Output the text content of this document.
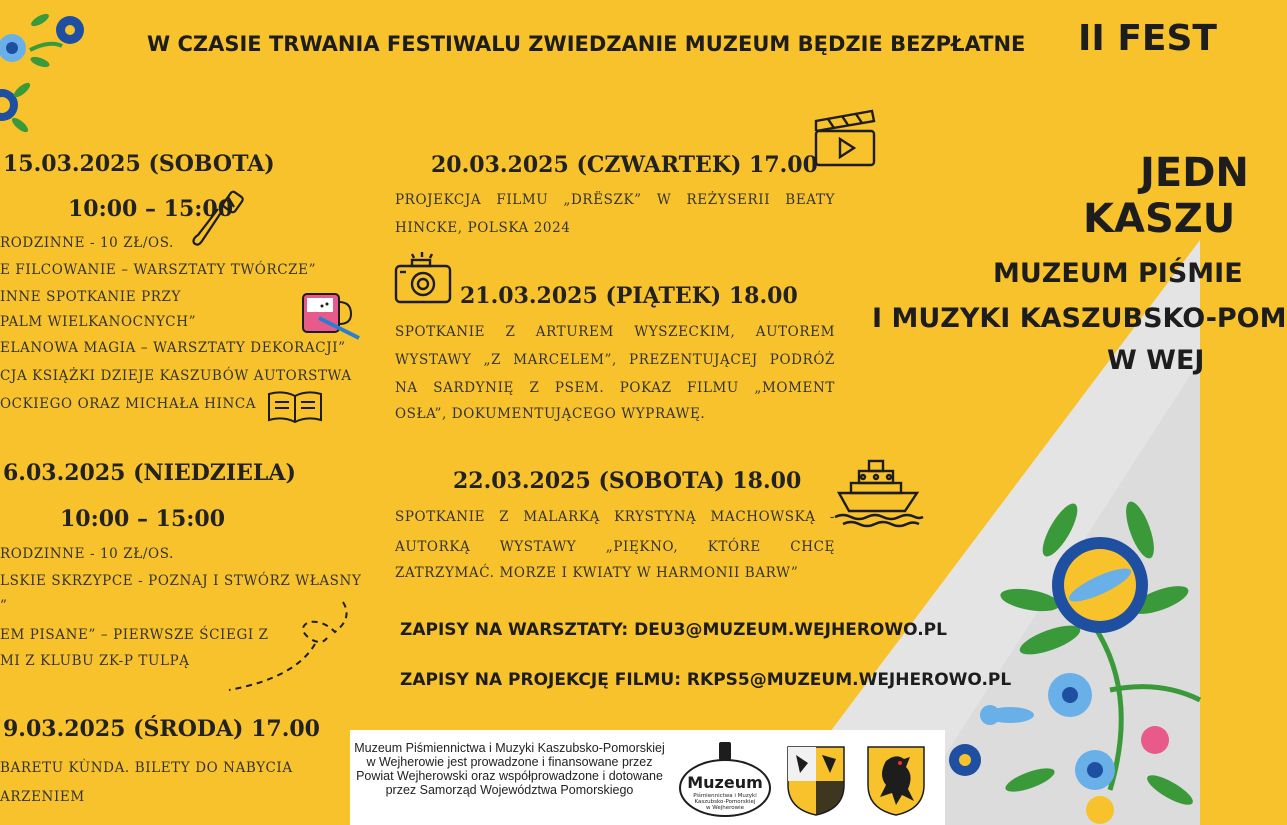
W CZASIE TRWANIA FESTIWALU ZWIEDZANIE MUZEUM BĘDZIE BEZPŁATNE II FEST
JEDN
KASZU
MUZEUM PIŚMIE
I MUZYKI KASZUBSKO-POM
W WEJ
15.03.2025 (SOBOTA)
10:00 – 15:00
RODZINNE - 10 ZŁ/OS.
E FILCOWANIE – WARSZTATY TWÓRCZE”
INNE SPOTKANIE PRZY
PALM WIELKANOCNYCH”
ELANOWA MAGIA – WARSZTATY DEKORACJI”
CJA KSIĄŻKI DZIEJE KASZUBÓW AUTORSTWA
OCKIEGO ORAZ MICHAŁA HINCA
6.03.2025 (NIEDZIELA)
10:00 – 15:00
RODZINNE - 10 ZŁ/OS.
LSKIE SKRZYPCE - POZNAJ I STWÓRZ WŁASNY
”
EM PISANE” – PIERWSZE ŚCIEGI Z
MI Z KLUBU ZK-P TULPĄ
9.03.2025 (ŚRODA) 17.00
BARETU KÙNDA. BILETY DO NABYCIA
ARZENIEM
20.03.2025 (CZWARTEK) 17.00
PROJEKCJA FILMU „DRËSZK” W REŻYSERII BEATY
HINCKE, POLSKA 2024
21.03.2025 (PIĄTEK) 18.00
SPOTKANIE Z ARTUREM WYSZECKIM, AUTOREM
WYSTAWY „Z MARCELEM”, PREZENTUJĄCEJ PODRÓŻ
NA SARDYNIĘ Z PSEM. POKAZ FILMU „MOMENT
OSŁA”, DOKUMENTUJĄCEGO WYPRAWĘ.
22.03.2025 (SOBOTA) 18.00
SPOTKANIE Z MALARKĄ KRYSTYNĄ MACHOWSKĄ -
AUTORKĄ WYSTAWY „PIĘKNO, KTÓRE CHCĘ
ZATRZYMAĆ. MORZE I KWIATY W HARMONII BARW”
ZAPISY NA WARSZTATY: DEU3@MUZEUM.WEJHEROWO.PL
ZAPISY NA PROJEKCJĘ FILMU: RKPS5@MUZEUM.WEJHEROWO.PL
Muzeum Piśmiennictwa i Muzyki Kaszubsko-Pomorskiej w Wejherowie jest prowadzone i finansowane przez Powiat Wejherowski oraz współprowadzone i dotowane przez Samorząd Województwa Pomorskiego	Muzeum
Piśmiennictwa i Muzyki
Kaszubsko-Pomorskiej
w Wejherowie
